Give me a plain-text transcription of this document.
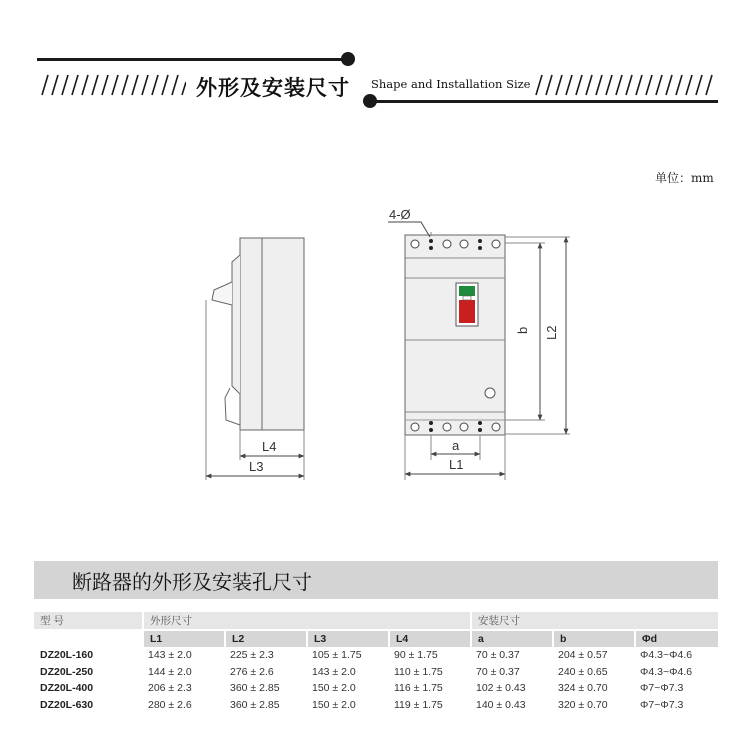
外形及安装尺寸 Shape and Installation Size
单位：mm
L4
L3
4-Ø
a
L1
b L2
断路器的外形及安装孔尺寸
型 号	外形尺寸				安装尺寸		
	L1	L2	L3	L4	a	b	Φd
DZ20L-160	143 ± 2.0	225 ± 2.3	105 ± 1.75	90 ± 1.75	70 ± 0.37	204 ± 0.57	Φ4.3~Φ4.6
DZ20L-250	144 ± 2.0	276 ± 2.6	143 ± 2.0	110 ± 1.75	70 ± 0.37	240 ± 0.65	Φ4.3~Φ4.6
DZ20L-400	206 ± 2.3	360 ± 2.85	150 ± 2.0	116 ± 1.75	102 ± 0.43	324 ± 0.70	Φ7~Φ7.3
DZ20L-630	280 ± 2.6	360 ± 2.85	150 ± 2.0	119 ± 1.75	140 ± 0.43	320 ± 0.70	Φ7~Φ7.3
